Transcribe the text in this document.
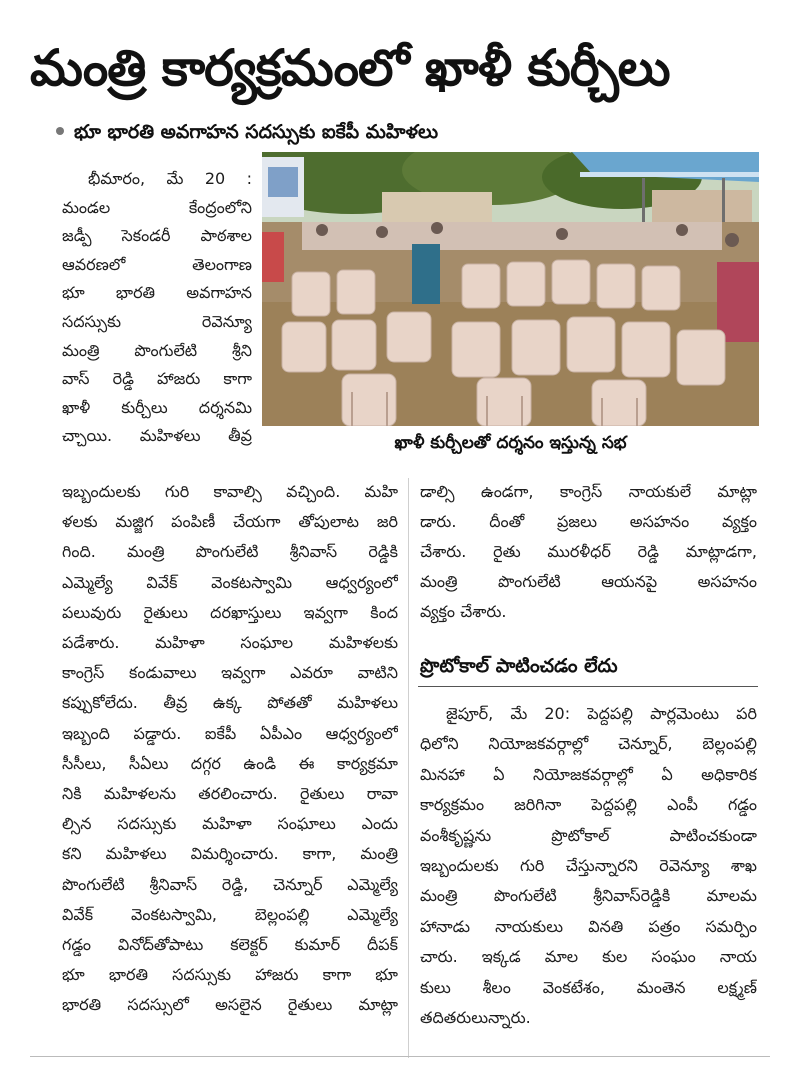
మంత్రి కార్యక్రమంలో ఖాళీ కుర్చీలు
భూ భారతి అవగాహన సదస్సుకు ఐకేపీ మహిళలు
ఖాళీ కుర్చీలతో దర్శనం ఇస్తున్న సభ
భీమారం, మే 20 :
మండల కేంద్రంలోని
జడ్పీ సెకండరీ పాఠశాల
ఆవరణలో తెలంగాణ
భూ భారతి అవగాహన
సదస్సుకు రెవెన్యూ
మంత్రి పొంగులేటి శ్రీని
వాస్ రెడ్డి హాజరు కాగా
ఖాళీ కుర్చీలు దర్శనమి
చ్చాయి. మహిళలు తీవ్ర
ఇబ్బందులకు గురి కావాల్సి వచ్చింది. మహి
ళలకు మజ్జిగ పంపిణీ చేయగా తోపులాట జరి
గింది. మంత్రి పొంగులేటి శ్రీనివాస్ రెడ్డికి
ఎమ్మెల్యే వివేక్ వెంకటస్వామి ఆధ్వర్యంలో
పలువురు రైతులు దరఖాస్తులు ఇవ్వగా కింద
పడేశారు. మహిళా సంఘాల మహిళలకు
కాంగ్రెస్ కండువాలు ఇవ్వగా ఎవరూ వాటిని
కప్పుకోలేదు. తీవ్ర ఉక్క పోతతో మహిళలు
ఇబ్బంది పడ్డారు. ఐకేపీ ఏపీఎం ఆధ్వర్యంలో
సీసీలు, సీఏలు దగ్గర ఉండి ఈ కార్యక్రమా
నికి మహిళలను తరలించారు. రైతులు రావా
ల్సిన సదస్సుకు మహిళా సంఘాలు ఎందు
కని మహిళలు విమర్శించారు. కాగా, మంత్రి
పొంగులేటి శ్రీనివాస్ రెడ్డి, చెన్నూర్ ఎమ్మెల్యే
వివేక్ వెంకటస్వామి, బెల్లంపల్లి ఎమ్మెల్యే
గడ్డం వినోద్‌తోపాటు కలెక్టర్ కుమార్ దీపక్
భూ భారతి సదస్సుకు హాజరు కాగా భూ
భారతి సదస్సులో అసలైన రైతులు మాట్లా
డాల్సి ఉండగా, కాంగ్రెస్ నాయకులే మాట్లా
డారు. దీంతో ప్రజలు అసహనం వ్యక్తం
చేశారు. రైతు మురళీధర్ రెడ్డి మాట్లాడగా,
మంత్రి పొంగులేటి ఆయనపై అసహనం
వ్యక్తం చేశారు.
ప్రొటోకాల్ పాటించడం లేదు
జైపూర్, మే 20: పెద్దపల్లి పార్లమెంటు పరి
ధిలోని నియోజకవర్గాల్లో చెన్నూర్, బెల్లంపల్లి
మినహా ఏ నియోజకవర్గాల్లో ఏ అధికారిక
కార్యక్రమం జరిగినా పెద్దపల్లి ఎంపీ గడ్డం
వంశీకృష్ణను ప్రొటోకాల్ పాటించకుండా
ఇబ్బందులకు గురి చేస్తున్నారని రెవెన్యూ శాఖ
మంత్రి పొంగులేటి శ్రీనివాస్‌రెడ్డికి మాలమ
హానాడు నాయకులు వినతి పత్రం సమర్పిం
చారు. ఇక్కడ మాల కుల సంఘం నాయ
కులు శీలం వెంకటేశం, మంతెన లక్ష్మణ్
తదితరులున్నారు.
